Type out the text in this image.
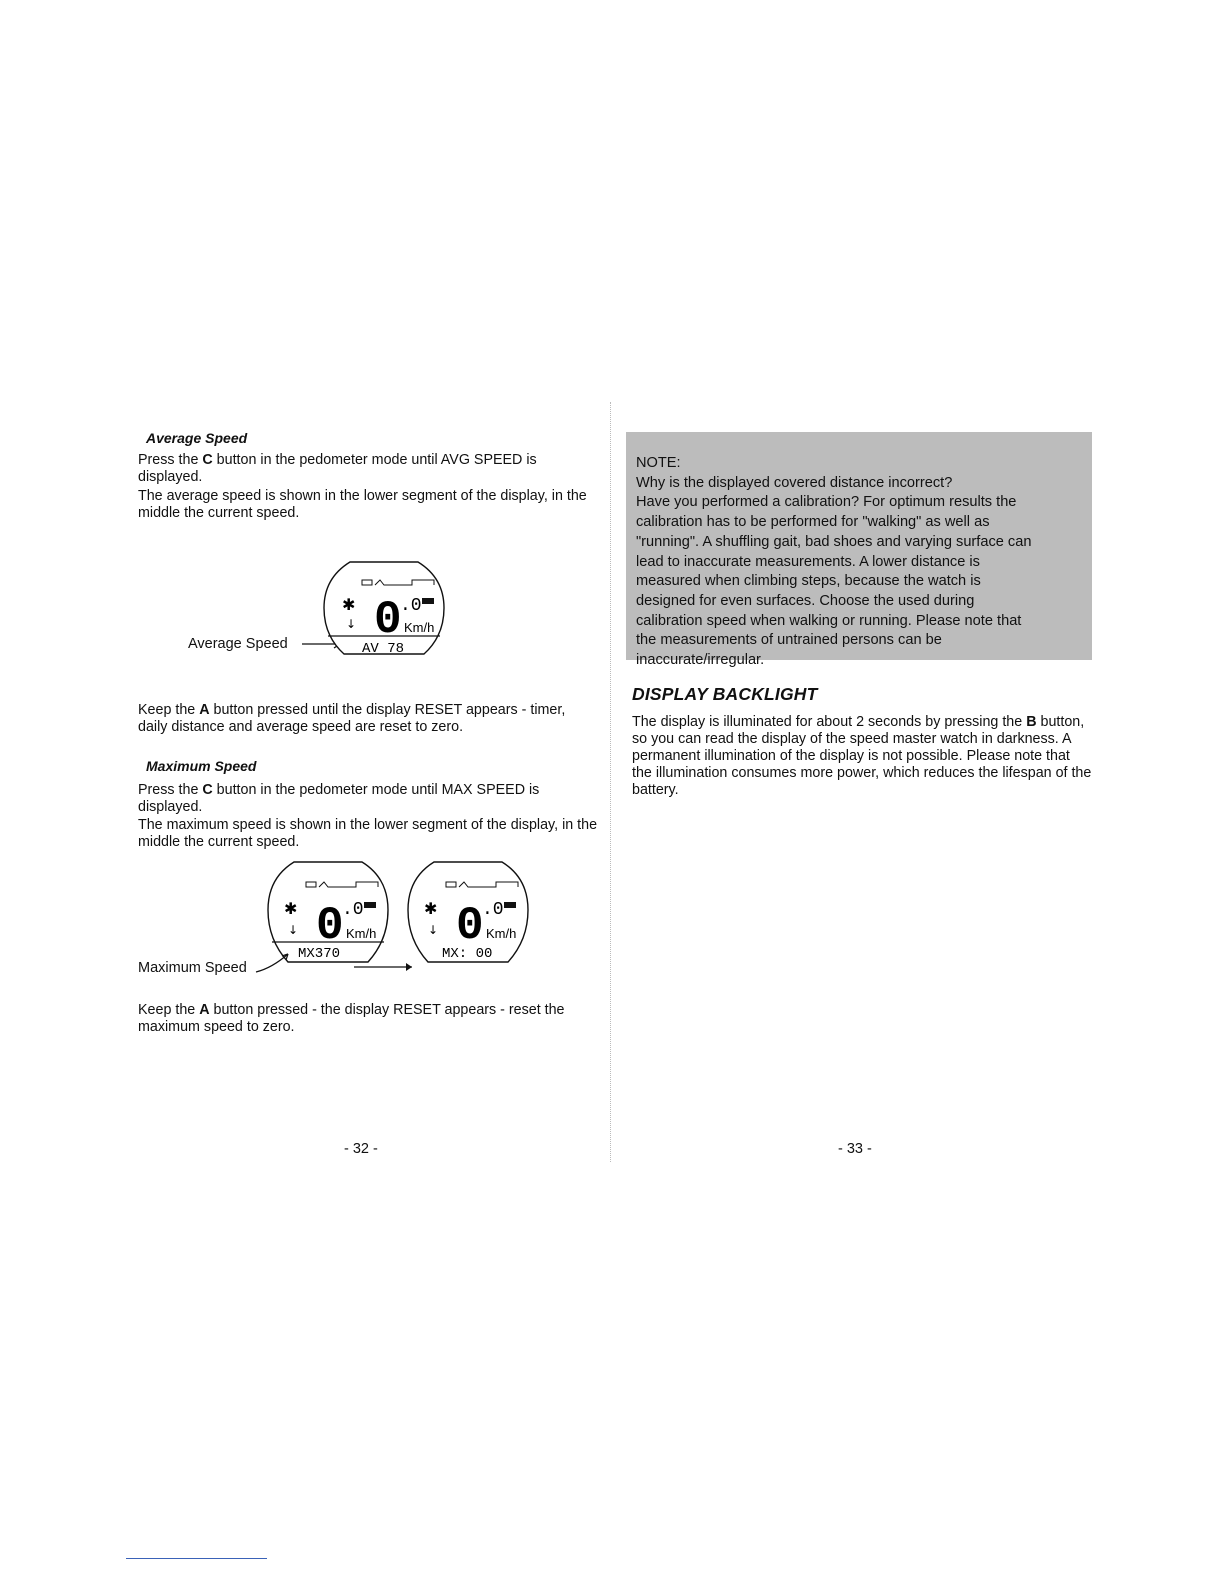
Average Speed

Press the C button in the pedometer mode until AVG SPEED is displayed.

The average speed is shown in the lower segment of the display, in the middle the current speed.

Average Speed
✱
↓ 0
.0
Km/h
AV 78

Keep the A button pressed until the display RESET appears - timer, daily distance and average speed are reset to zero.

Maximum Speed

Press the C button in the pedometer mode until MAX SPEED is displayed.

The maximum speed is shown in the lower segment of the display, in the middle the current speed.

Maximum Speed
✱
↓ 0
.0
Km/h
MX370
✱
↓ 0
.0
Km/h
MX: 00

Keep the A button pressed - the display RESET appears - reset the maximum speed to zero.

- 32 -

NOTE:

Why is the displayed covered distance incorrect?

Have you performed a calibration? For optimum results the

calibration has to be performed for "walking" as well as

"running". A shuffling gait, bad shoes and varying surface can

lead to inaccurate measurements. A lower distance is

measured when climbing steps, because the watch is

designed for even surfaces. Choose the used during

calibration speed when walking or running. Please note that

the measurements of untrained persons can be

inaccurate/irregular.

DISPLAY BACKLIGHT

The display is illuminated for about 2 seconds by pressing the B button, so you can read the display of the speed master watch in darkness. A permanent illumination of the display is not possible. Please note that the illumination consumes more power, which reduces the lifespan of the battery.

- 33 -
